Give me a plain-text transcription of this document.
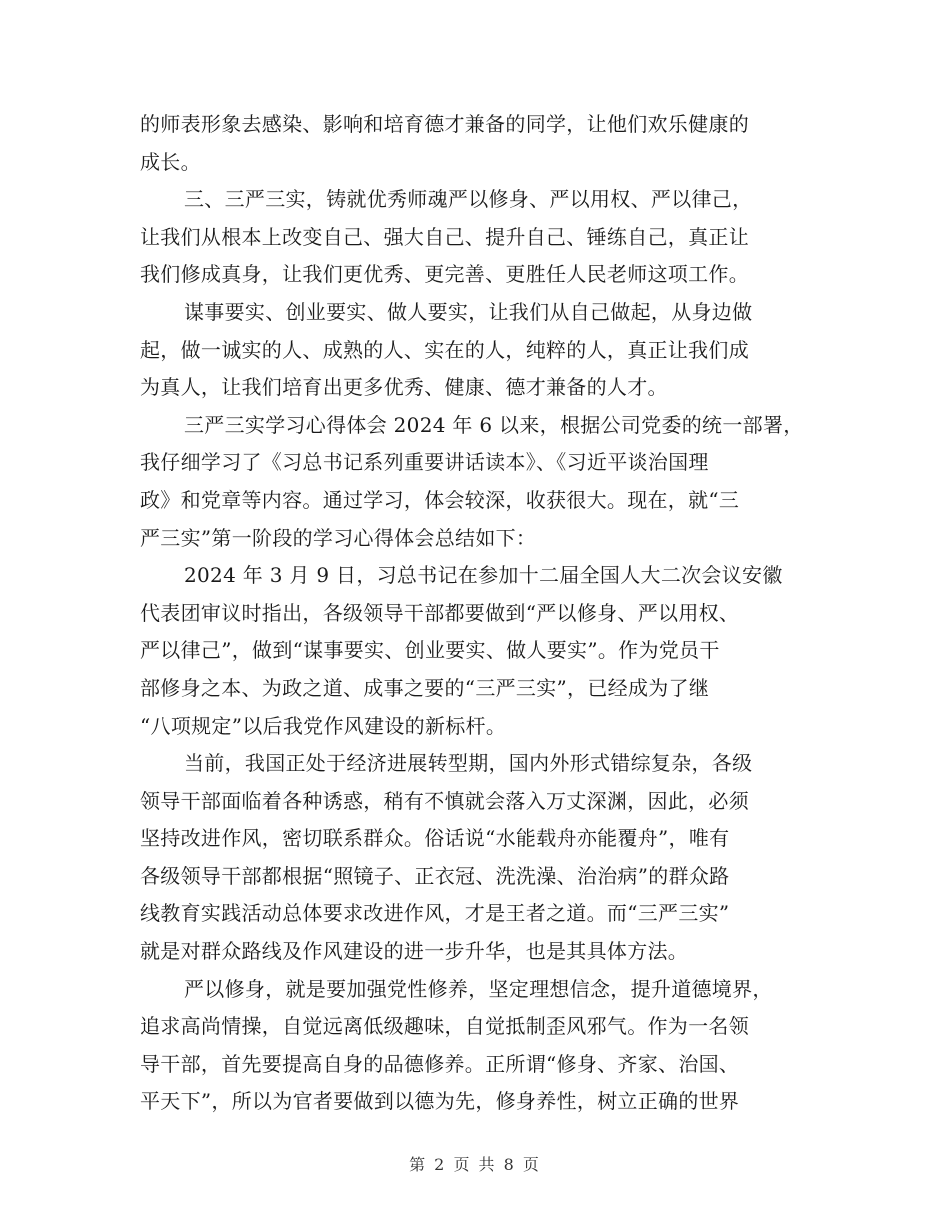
的师表形象去感染、影响和培育德才兼备的同学，让他们欢乐健康的
成长。
三、三严三实，铸就优秀师魂严以修身、严以用权、严以律己，
让我们从根本上改变自己、强大自己、提升自己、锤练自己，真正让
我们修成真身，让我们更优秀、更完善、更胜任人民老师这项工作。
谋事要实、创业要实、做人要实，让我们从自己做起，从身边做
起，做一诚实的人、成熟的人、实在的人，纯粹的人，真正让我们成
为真人，让我们培育出更多优秀、健康、德才兼备的人才。
三严三实学习心得体会 2024 年 6 以来，根据公司党委的统一部署，
我仔细学习了《习总书记系列重要讲话读本》、《习近平谈治国理
政》和党章等内容。通过学习，体会较深，收获很大。现在，就“三
严三实”第一阶段的学习心得体会总结如下：
2024 年 3 月 9 日，习总书记在参加十二届全国人大二次会议安徽
代表团审议时指出，各级领导干部都要做到“严以修身、严以用权、
严以律己”，做到“谋事要实、创业要实、做人要实”。作为党员干
部修身之本、为政之道、成事之要的“三严三实”，已经成为了继
“八项规定”以后我党作风建设的新标杆。
当前，我国正处于经济进展转型期，国内外形式错综复杂，各级
领导干部面临着各种诱惑，稍有不慎就会落入万丈深渊，因此，必须
坚持改进作风，密切联系群众。俗话说“水能载舟亦能覆舟”，唯有
各级领导干部都根据“照镜子、正衣冠、洗洗澡、治治病”的群众路
线教育实践活动总体要求改进作风，才是王者之道。而“三严三实”
就是对群众路线及作风建设的进一步升华，也是其具体方法。
严以修身，就是要加强党性修养，坚定理想信念，提升道德境界，
追求高尚情操，自觉远离低级趣味，自觉抵制歪风邪气。作为一名领
导干部，首先要提高自身的品德修养。正所谓“修身、齐家、治国、
平天下”，所以为官者要做到以德为先，修身养性，树立正确的世界
第 2 页 共 8 页
